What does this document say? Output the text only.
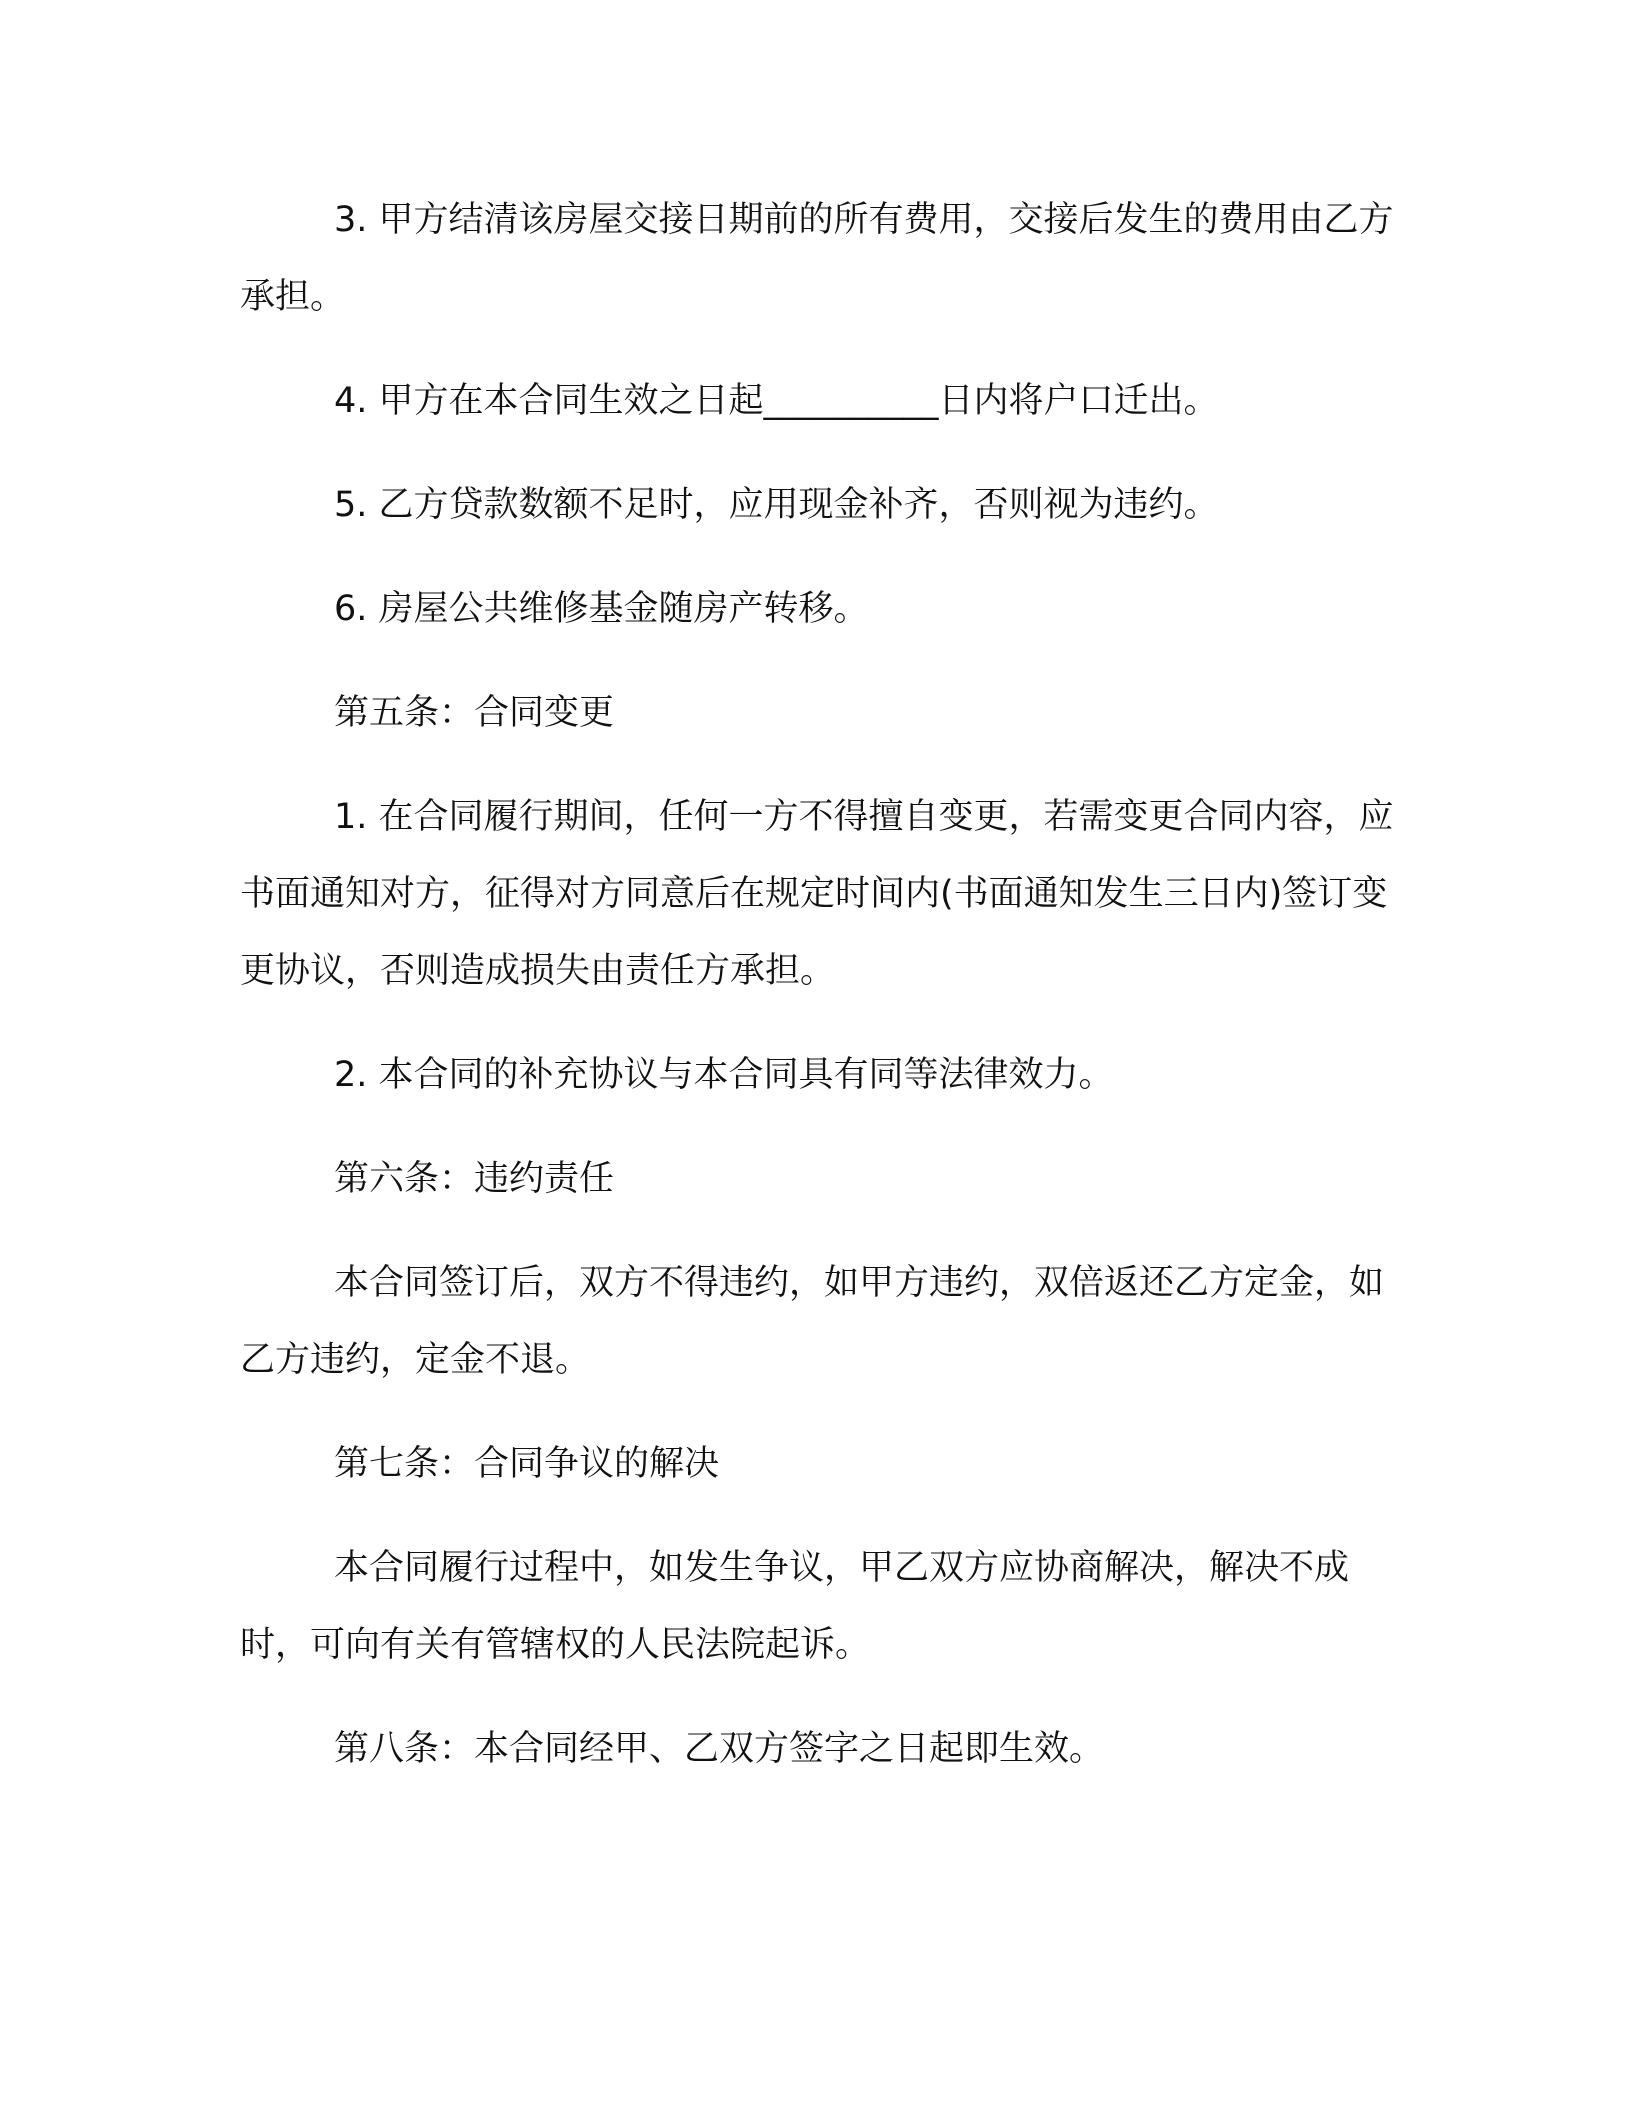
3. 甲方结清该房屋交接日期前的所有费用，交接后发生的费用由乙方承担。

4. 甲方在本合同生效之日起__________日内将户口迁出。

5. 乙方贷款数额不足时，应用现金补齐，否则视为违约。

6. 房屋公共维修基金随房产转移。

第五条：合同变更

1. 在合同履行期间，任何一方不得擅自变更，若需变更合同内容，应书面通知对方，征得对方同意后在规定时间内(书面通知发生三日内)签订变更协议，否则造成损失由责任方承担。

2. 本合同的补充协议与本合同具有同等法律效力。

第六条：违约责任

本合同签订后，双方不得违约，如甲方违约，双倍返还乙方定金，如乙方违约，定金不退。

第七条：合同争议的解决

本合同履行过程中，如发生争议，甲乙双方应协商解决，解决不成时，可向有关有管辖权的人民法院起诉。

第八条：本合同经甲、乙双方签字之日起即生效。
